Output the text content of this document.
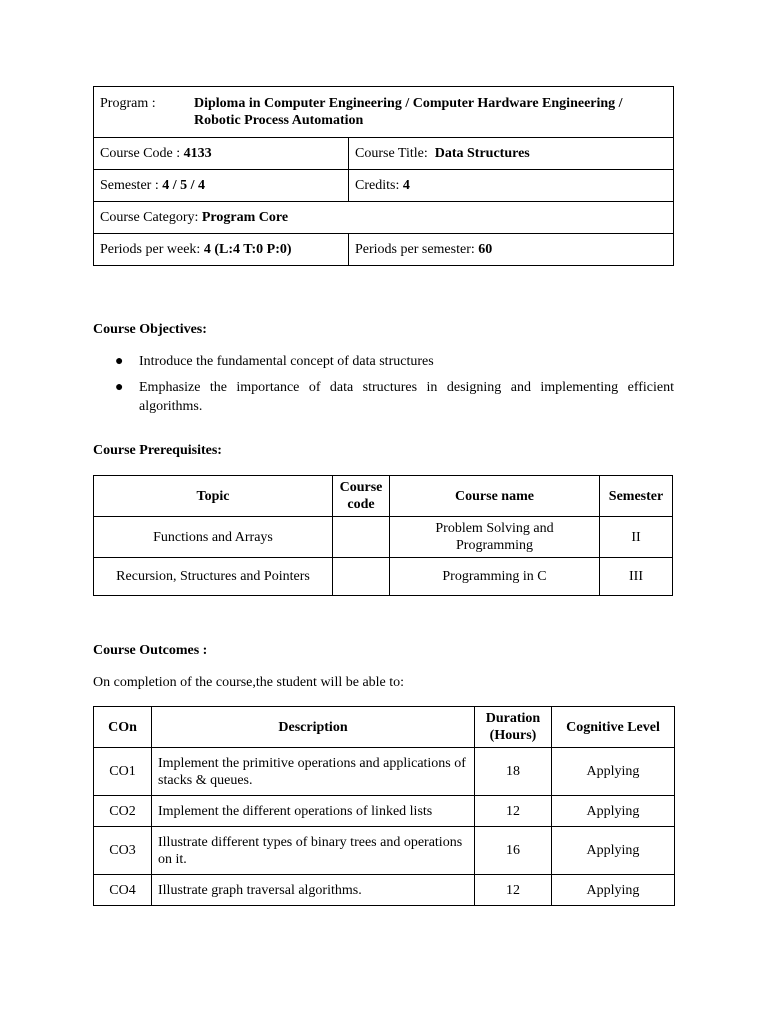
Program : Diploma in Computer Engineering / Computer Hardware Engineering / Robotic Process Automation	
Course Code : 4133	Course Title: Data Structures
Semester : 4 / 5 / 4	Credits: 4
Course Category: Program Core	
Periods per week: 4 (L:4 T:0 P:0)	Periods per semester: 60

Course Objectives:

● Introduce the fundamental concept of data structures
● Emphasize the importance of data structures in designing and implementing efficient algorithms.

Course Prerequisites:

Topic	Course code	Course name	Semester
Functions and Arrays		Problem Solving and Programming	II
Recursion, Structures and Pointers		Programming in C	III

Course Outcomes :

On completion of the course,the student will be able to:

COn	Description	Duration (Hours)	Cognitive Level
CO1	Implement the primitive operations and applications of stacks & queues.	18	Applying
CO2	Implement the different operations of linked lists	12	Applying
CO3	Illustrate different types of binary trees and operations on it.	16	Applying
CO4	Illustrate graph traversal algorithms.	12	Applying
